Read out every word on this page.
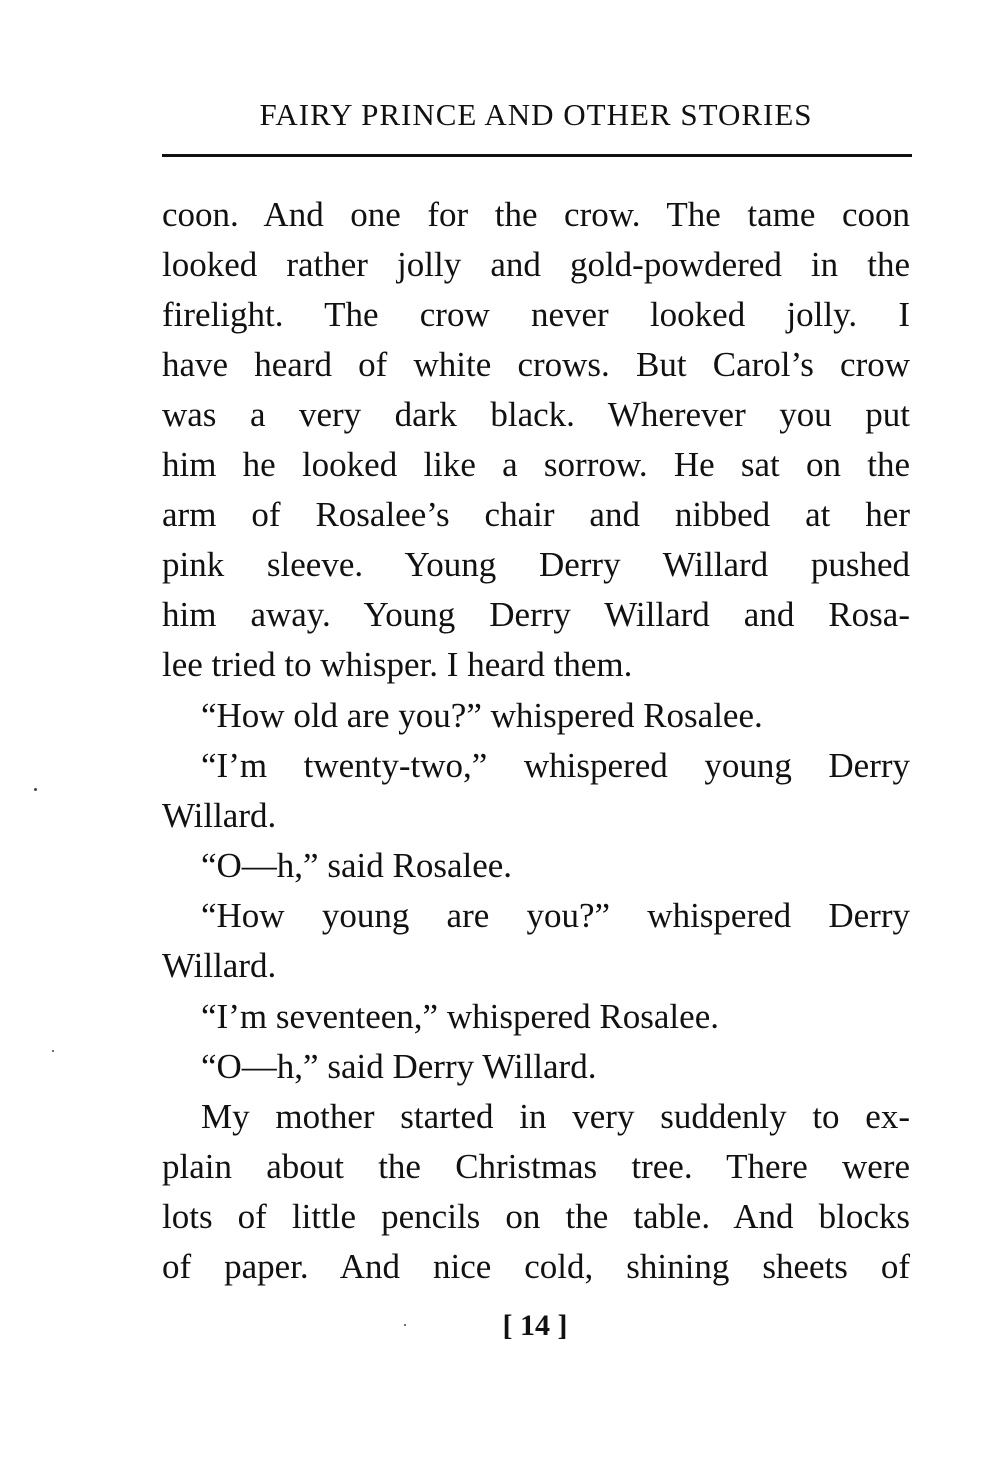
FAIRY PRINCE AND OTHER STORIES
coon. And one for the crow. The tame coon
looked rather jolly and gold-powdered in the
firelight. The crow never looked jolly. I
have heard of white crows. But Carol’s crow
was a very dark black. Wherever you put
him he looked like a sorrow. He sat on the
arm of Rosalee’s chair and nibbed at her
pink sleeve. Young Derry Willard pushed
him away. Young Derry Willard and Rosa-
lee tried to whisper. I heard them.
“How old are you?” whispered Rosalee.
“I’m twenty-two,” whispered young Derry
Willard.
“O—h,” said Rosalee.
“How young are you?” whispered Derry
Willard.
“I’m seventeen,” whispered Rosalee.
“O—h,” said Derry Willard.
My mother started in very suddenly to ex-
plain about the Christmas tree. There were
lots of little pencils on the table. And blocks
of paper. And nice cold, shining sheets of
[ 14 ]
